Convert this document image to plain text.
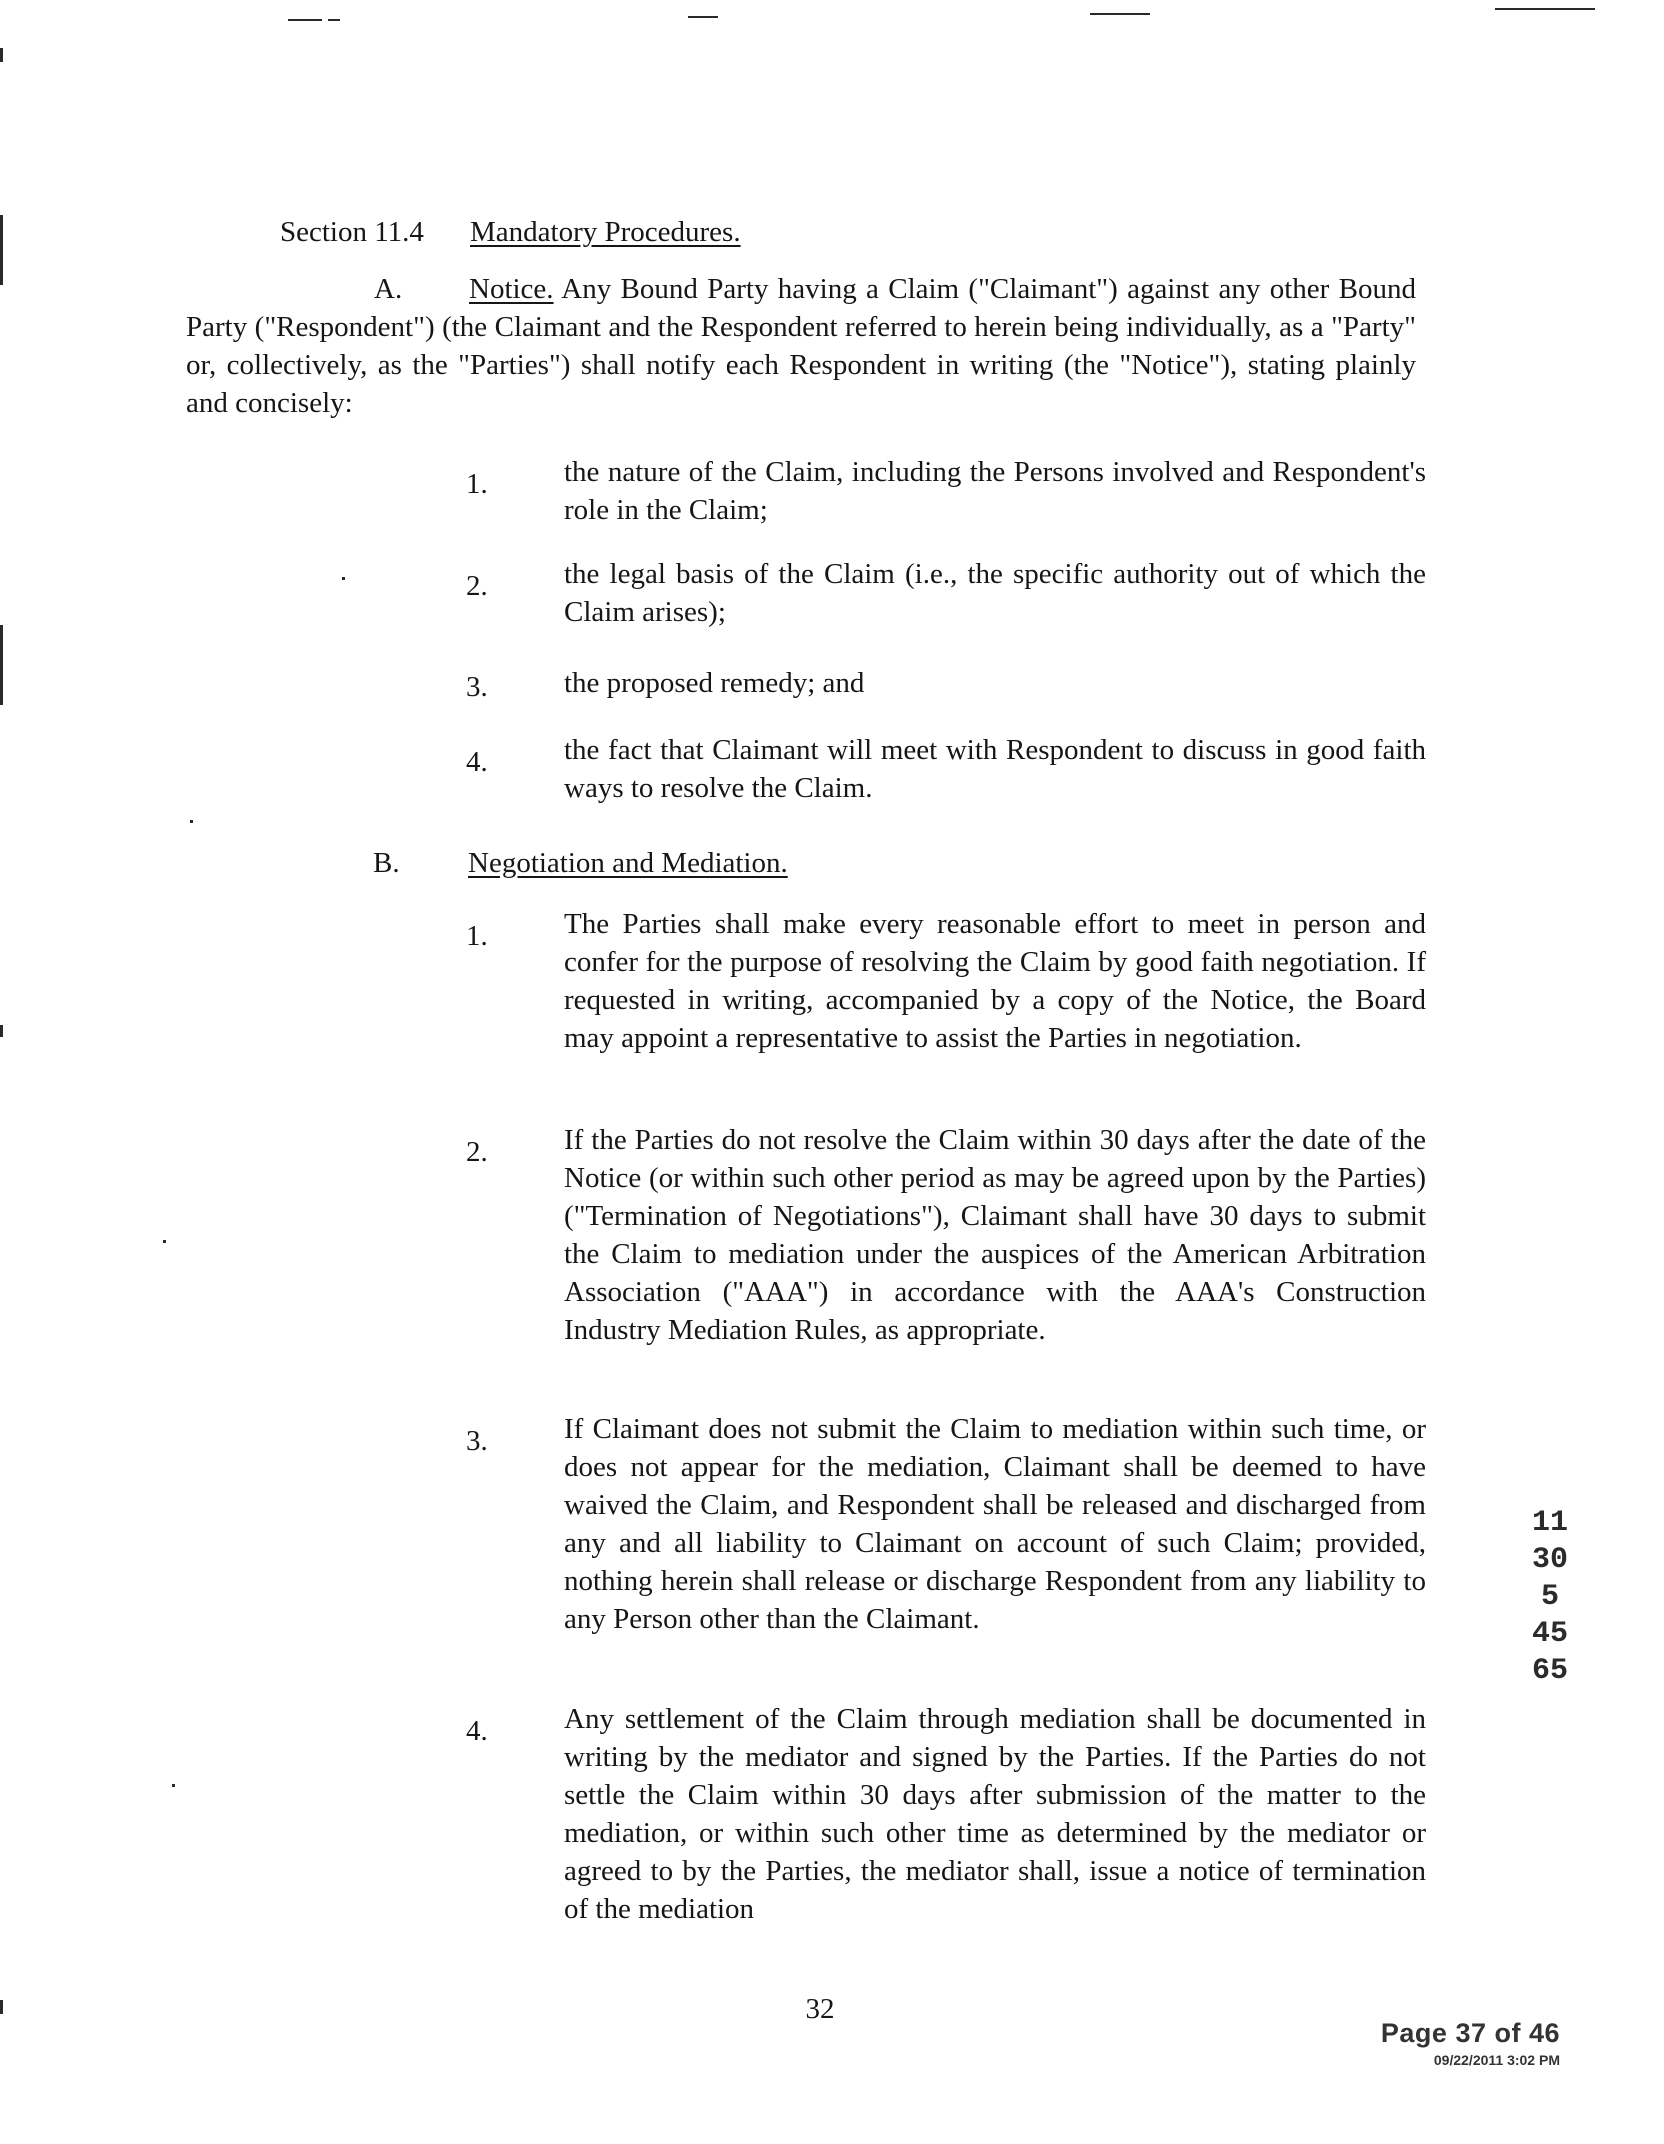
Section 11.4 Mandatory Procedures.
A. Notice. Any Bound Party having a Claim ("Claimant") against any other Bound Party ("Respondent") (the Claimant and the Respondent referred to herein being individually, as a "Party" or, collectively, as the "Parties") shall notify each Respondent in writing (the "Notice"), stating plainly and concisely:
1.	the nature of the Claim, including the Persons involved and Respondent's role in the Claim;
2.	the legal basis of the Claim (i.e., the specific authority out of which the Claim arises);
3.	the proposed remedy; and
4.	the fact that Claimant will meet with Respondent to discuss in good faith ways to resolve the Claim.
B. Negotiation and Mediation.
1.	The Parties shall make every reasonable effort to meet in person and confer for the purpose of resolving the Claim by good faith negotiation. If requested in writing, accompanied by a copy of the Notice, the Board may appoint a representative to assist the Parties in negotiation.
2.	If the Parties do not resolve the Claim within 30 days after the date of the Notice (or within such other period as may be agreed upon by the Parties) ("Termination of Negotiations"), Claimant shall have 30 days to submit the Claim to mediation under the auspices of the American Arbitration Association ("AAA") in accordance with the AAA's Construction Industry Mediation Rules, as appropriate.
3.	If Claimant does not submit the Claim to mediation within such time, or does not appear for the mediation, Claimant shall be deemed to have waived the Claim, and Respondent shall be released and discharged from any and all liability to Claimant on account of such Claim; provided, nothing herein shall release or discharge Respondent from any liability to any Person other than the Claimant.
4.	Any settlement of the Claim through mediation shall be documented in writing by the mediator and signed by the Parties. If the Parties do not settle the Claim within 30 days after submission of the matter to the mediation, or within such other time as determined by the mediator or agreed to by the Parties, the mediator shall, issue a notice of termination of the mediation
11305 4565
32
Page 37 of 46
09/22/2011 3:02 PM
